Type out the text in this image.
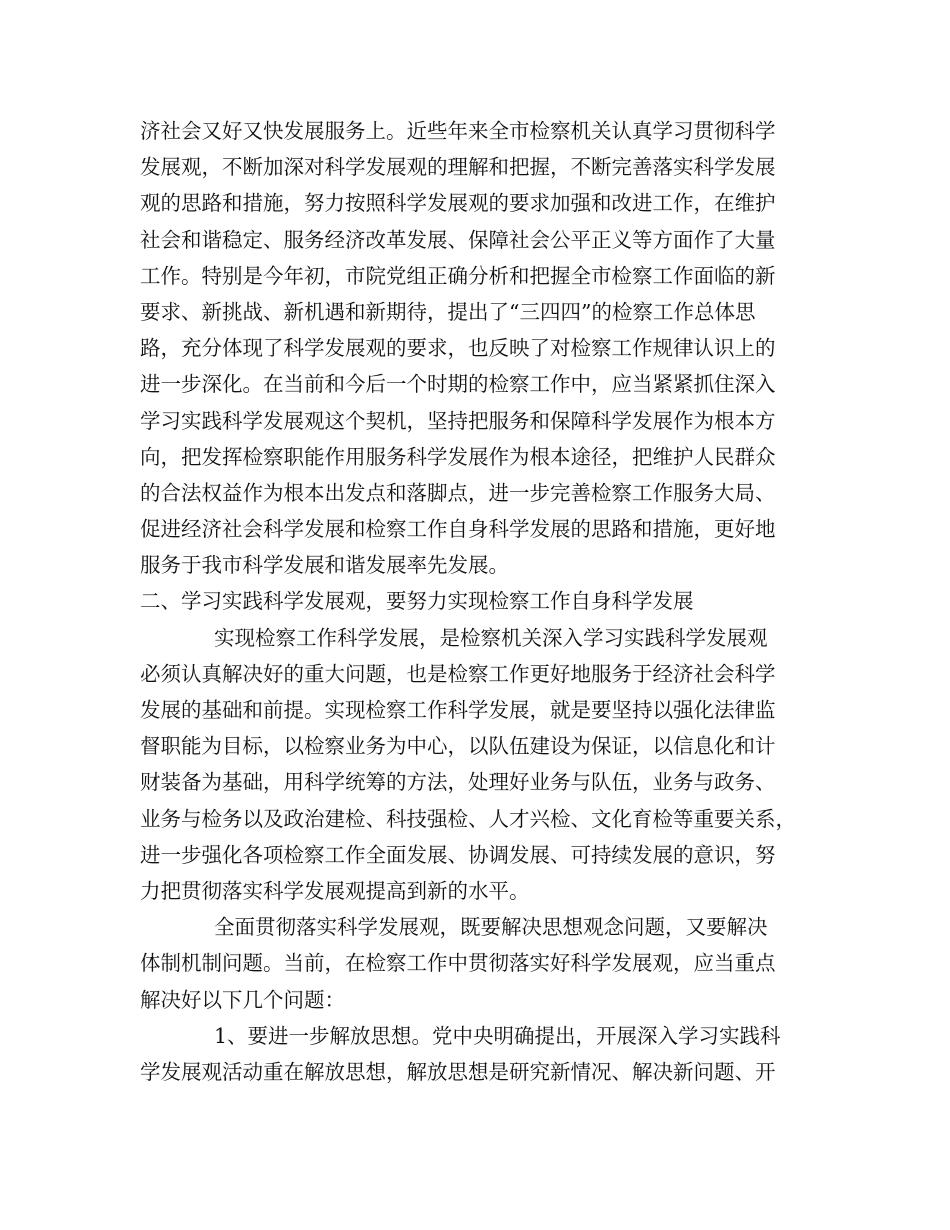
济社会又好又快发展服务上。近些年来全市检察机关认真学习贯彻科学
发展观，不断加深对科学发展观的理解和把握，不断完善落实科学发展
观的思路和措施，努力按照科学发展观的要求加强和改进工作，在维护
社会和谐稳定、服务经济改革发展、保障社会公平正义等方面作了大量
工作。特别是今年初，市院党组正确分析和把握全市检察工作面临的新
要求、新挑战、新机遇和新期待，提出了“三四四”的检察工作总体思
路，充分体现了科学发展观的要求，也反映了对检察工作规律认识上的
进一步深化。在当前和今后一个时期的检察工作中，应当紧紧抓住深入
学习实践科学发展观这个契机，坚持把服务和保障科学发展作为根本方
向，把发挥检察职能作用服务科学发展作为根本途径，把维护人民群众
的合法权益作为根本出发点和落脚点，进一步完善检察工作服务大局、
促进经济社会科学发展和检察工作自身科学发展的思路和措施，更好地
服务于我市科学发展和谐发展率先发展。
二、学习实践科学发展观，要努力实现检察工作自身科学发展
实现检察工作科学发展，是检察机关深入学习实践科学发展观
必须认真解决好的重大问题，也是检察工作更好地服务于经济社会科学
发展的基础和前提。实现检察工作科学发展，就是要坚持以强化法律监
督职能为目标，以检察业务为中心，以队伍建设为保证，以信息化和计
财装备为基础，用科学统筹的方法，处理好业务与队伍，业务与政务、
业务与检务以及政治建检、科技强检、人才兴检、文化育检等重要关系，
进一步强化各项检察工作全面发展、协调发展、可持续发展的意识，努
力把贯彻落实科学发展观提高到新的水平。
全面贯彻落实科学发展观，既要解决思想观念问题，又要解决
体制机制问题。当前，在检察工作中贯彻落实好科学发展观，应当重点
解决好以下几个问题：
1、要进一步解放思想。党中央明确提出，开展深入学习实践科
学发展观活动重在解放思想，解放思想是研究新情况、解决新问题、开
